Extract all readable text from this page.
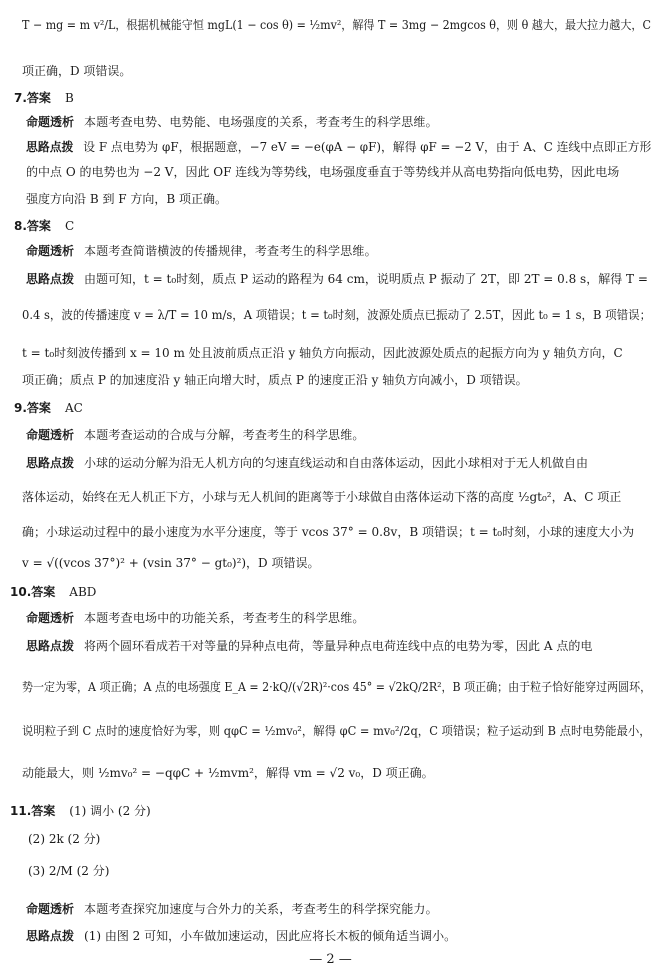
T − mg = m v²/L，根据机械能守恒 mgL(1 − cos θ) = ½mv²，解得 T = 3mg − 2mgcos θ，则 θ 越大，最大拉力越大，C
项正确，D 项错误。
7.答案 B
命题透析 本题考查电势、电势能、电场强度的关系，考查考生的科学思维。
思路点拨 设 F 点电势为 φF，根据题意，−7 eV = −e(φA − φF)，解得 φF = −2 V，由于 A、C 连线中点即正方形
的中点 O 的电势也为 −2 V，因此 OF 连线为等势线，电场强度垂直于等势线并从高电势指向低电势，因此电场
强度方向沿 B 到 F 方向，B 项正确。
8.答案 C
命题透析 本题考查简谐横波的传播规律，考查考生的科学思维。
思路点拨 由题可知，t = t₀时刻，质点 P 运动的路程为 64 cm，说明质点 P 振动了 2T，即 2T = 0.8 s，解得 T =
0.4 s，波的传播速度 v = λ/T = 10 m/s，A 项错误；t = t₀时刻，波源处质点已振动了 2.5T，因此 t₀ = 1 s，B 项错误；
t = t₀时刻波传播到 x = 10 m 处且波前质点正沿 y 轴负方向振动，因此波源处质点的起振方向为 y 轴负方向，C
项正确；质点 P 的加速度沿 y 轴正向增大时，质点 P 的速度正沿 y 轴负方向减小，D 项错误。
9.答案 AC
命题透析 本题考查运动的合成与分解，考查考生的科学思维。
思路点拨 小球的运动分解为沿无人机方向的匀速直线运动和自由落体运动，因此小球相对于无人机做自由
落体运动，始终在无人机正下方，小球与无人机间的距离等于小球做自由落体运动下落的高度 ½gt₀²，A、C 项正
确；小球运动过程中的最小速度为水平分速度，等于 vcos 37° = 0.8v，B 项错误；t = t₀时刻，小球的速度大小为
v = √((vcos 37°)² + (vsin 37° − gt₀)²)，D 项错误。
10.答案 ABD
命题透析 本题考查电场中的功能关系，考查考生的科学思维。
思路点拨 将两个圆环看成若干对等量的异种点电荷，等量异种点电荷连线中点的电势为零，因此 A 点的电
势一定为零，A 项正确；A 点的电场强度 E_A = 2·kQ/(√2R)²·cos 45° = √2kQ/2R²，B 项正确；由于粒子恰好能穿过两圆环，
说明粒子到 C 点时的速度恰好为零，则 qφC = ½mv₀²，解得 φC = mv₀²/2q，C 项错误；粒子运动到 B 点时电势能最小，
动能最大，则 ½mv₀² = −qφC + ½mvm²，解得 vm = √2 v₀，D 项正确。
11.答案 (1) 调小 (2 分)
(2) 2k (2 分)
(3) 2/M (2 分)
命题透析 本题考查探究加速度与合外力的关系，考查考生的科学探究能力。
思路点拨 (1) 由图 2 可知，小车做加速运动，因此应将长木板的倾角适当调小。
— 2 —
